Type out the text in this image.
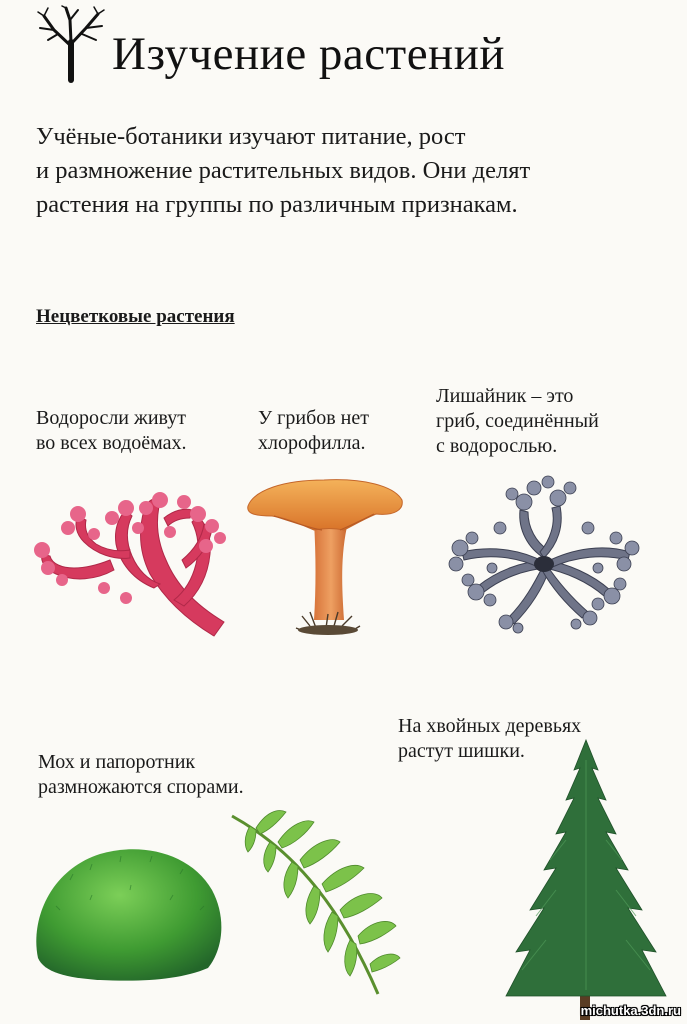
Изучение растений
Учёные-ботаники изучают питание, рост
и размножение растительных видов. Они делят
растения на группы по различным признакам.
Нецветковые растения
Водоросли живут
во всех водоёмах.
У грибов нет
хлорофилла.
Лишайник – это
гриб, соединённый
с водорослью.
Мох и папоротник
размножаются спорами.
На хвойных деревьях
растут шишки.
michutka.3dn.ru
